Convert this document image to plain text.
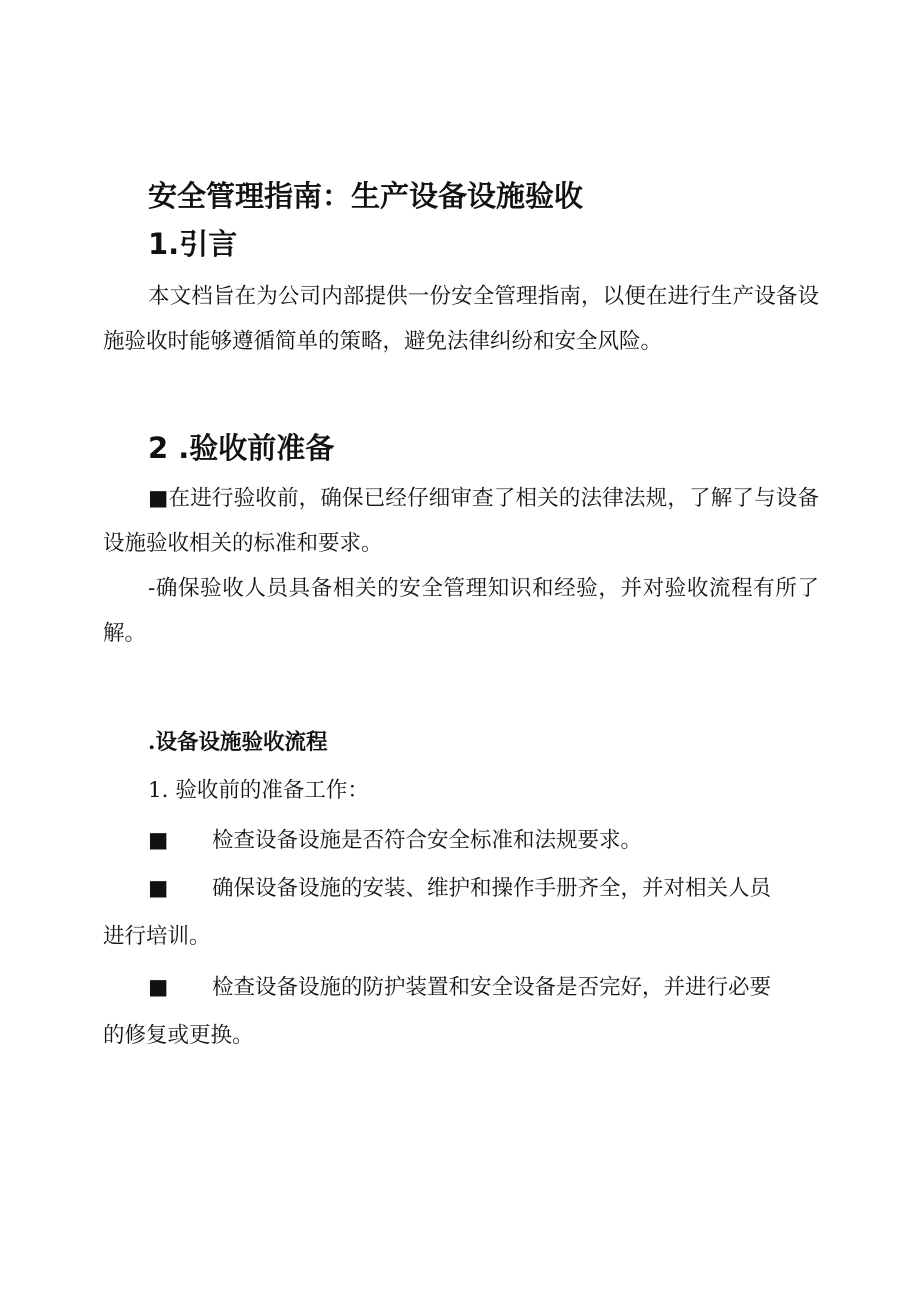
安全管理指南：生产设备设施验收
1.引言

本文档旨在为公司内部提供一份安全管理指南，以便在进行生产设备设施验收时能够遵循简单的策略，避免法律纠纷和安全风险。

2 .验收前准备

■在进行验收前，确保已经仔细审查了相关的法律法规，了解了与设备设施验收相关的标准和要求。

-确保验收人员具备相关的安全管理知识和经验，并对验收流程有所了解。

.设备设施验收流程

1. 验收前的准备工作：

■ 检查设备设施是否符合安全标准和法规要求。
■ 确保设备设施的安装、维护和操作手册齐全，并对相关人员
进行培训。
■ 检查设备设施的防护装置和安全设备是否完好，并进行必要
的修复或更换。
